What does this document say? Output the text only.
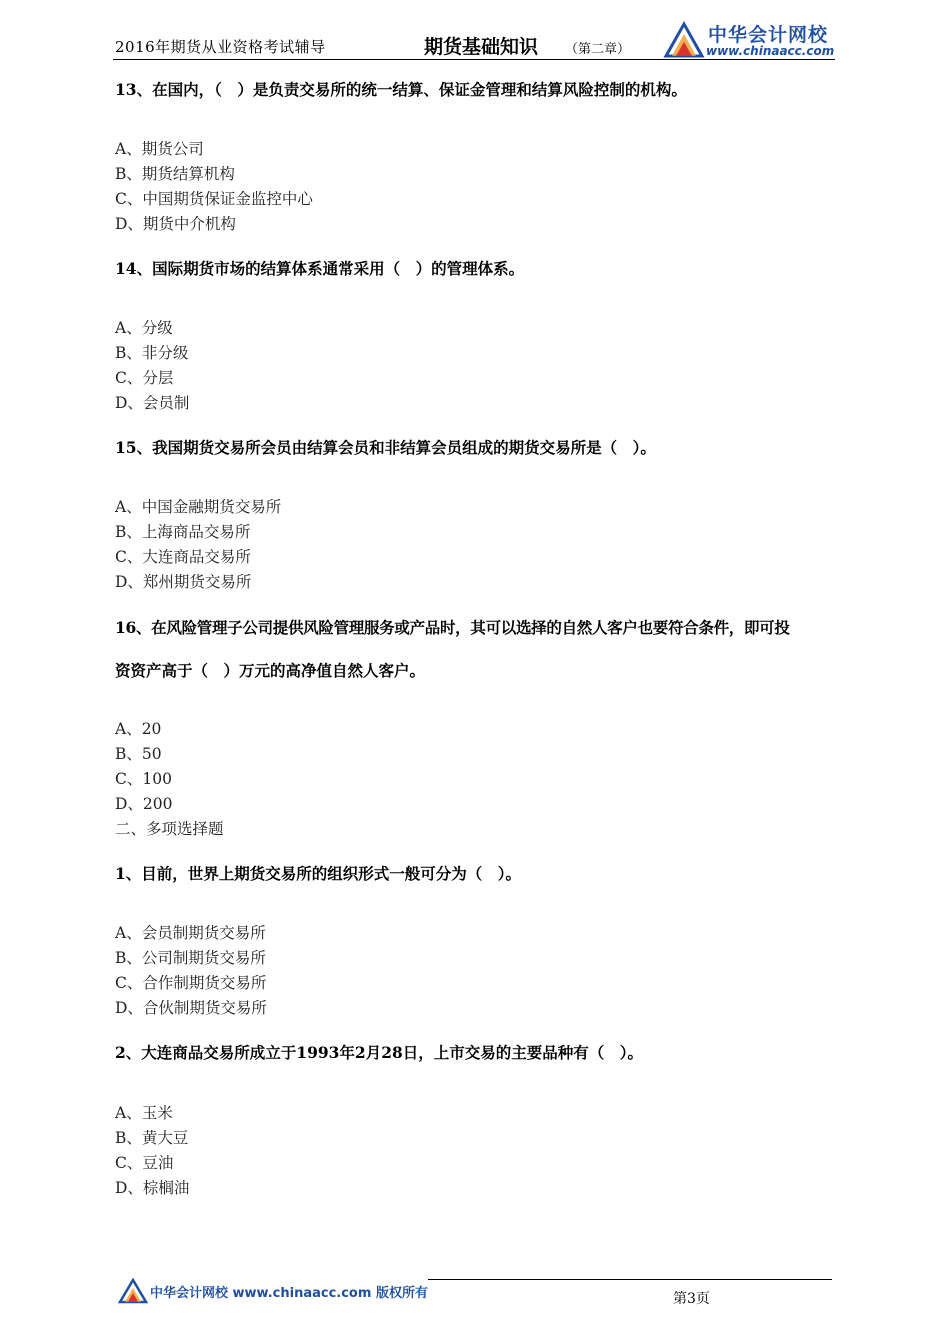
2016年期货从业资格考试辅导	期货基础知识 （第二章）
中华会计网校
www.chinaacc.com
13、在国内，（　）是负责交易所的统一结算、保证金管理和结算风险控制的机构。
A、期货公司
B、期货结算机构
C、中国期货保证金监控中心
D、期货中介机构
14、国际期货市场的结算体系通常采用（　）的管理体系。
A、分级
B、非分级
C、分层
D、会员制
15、我国期货交易所会员由结算会员和非结算会员组成的期货交易所是（　）。
A、中国金融期货交易所
B、上海商品交易所
C、大连商品交易所
D、郑州期货交易所
16、在风险管理子公司提供风险管理服务或产品时，其可以选择的自然人客户也要符合条件，即可投
资资产高于（　）万元的高净值自然人客户。
A、20
B、50
C、100
D、200
二、多项选择题
1、目前，世界上期货交易所的组织形式一般可分为（　）。
A、会员制期货交易所
B、公司制期货交易所
C、合作制期货交易所
D、合伙制期货交易所
2、大连商品交易所成立于1993年2月28日，上市交易的主要品种有（　）。
A、玉米
B、黄大豆
C、豆油
D、棕榈油
中华会计网校 www.chinaacc.com 版权所有	第3页
